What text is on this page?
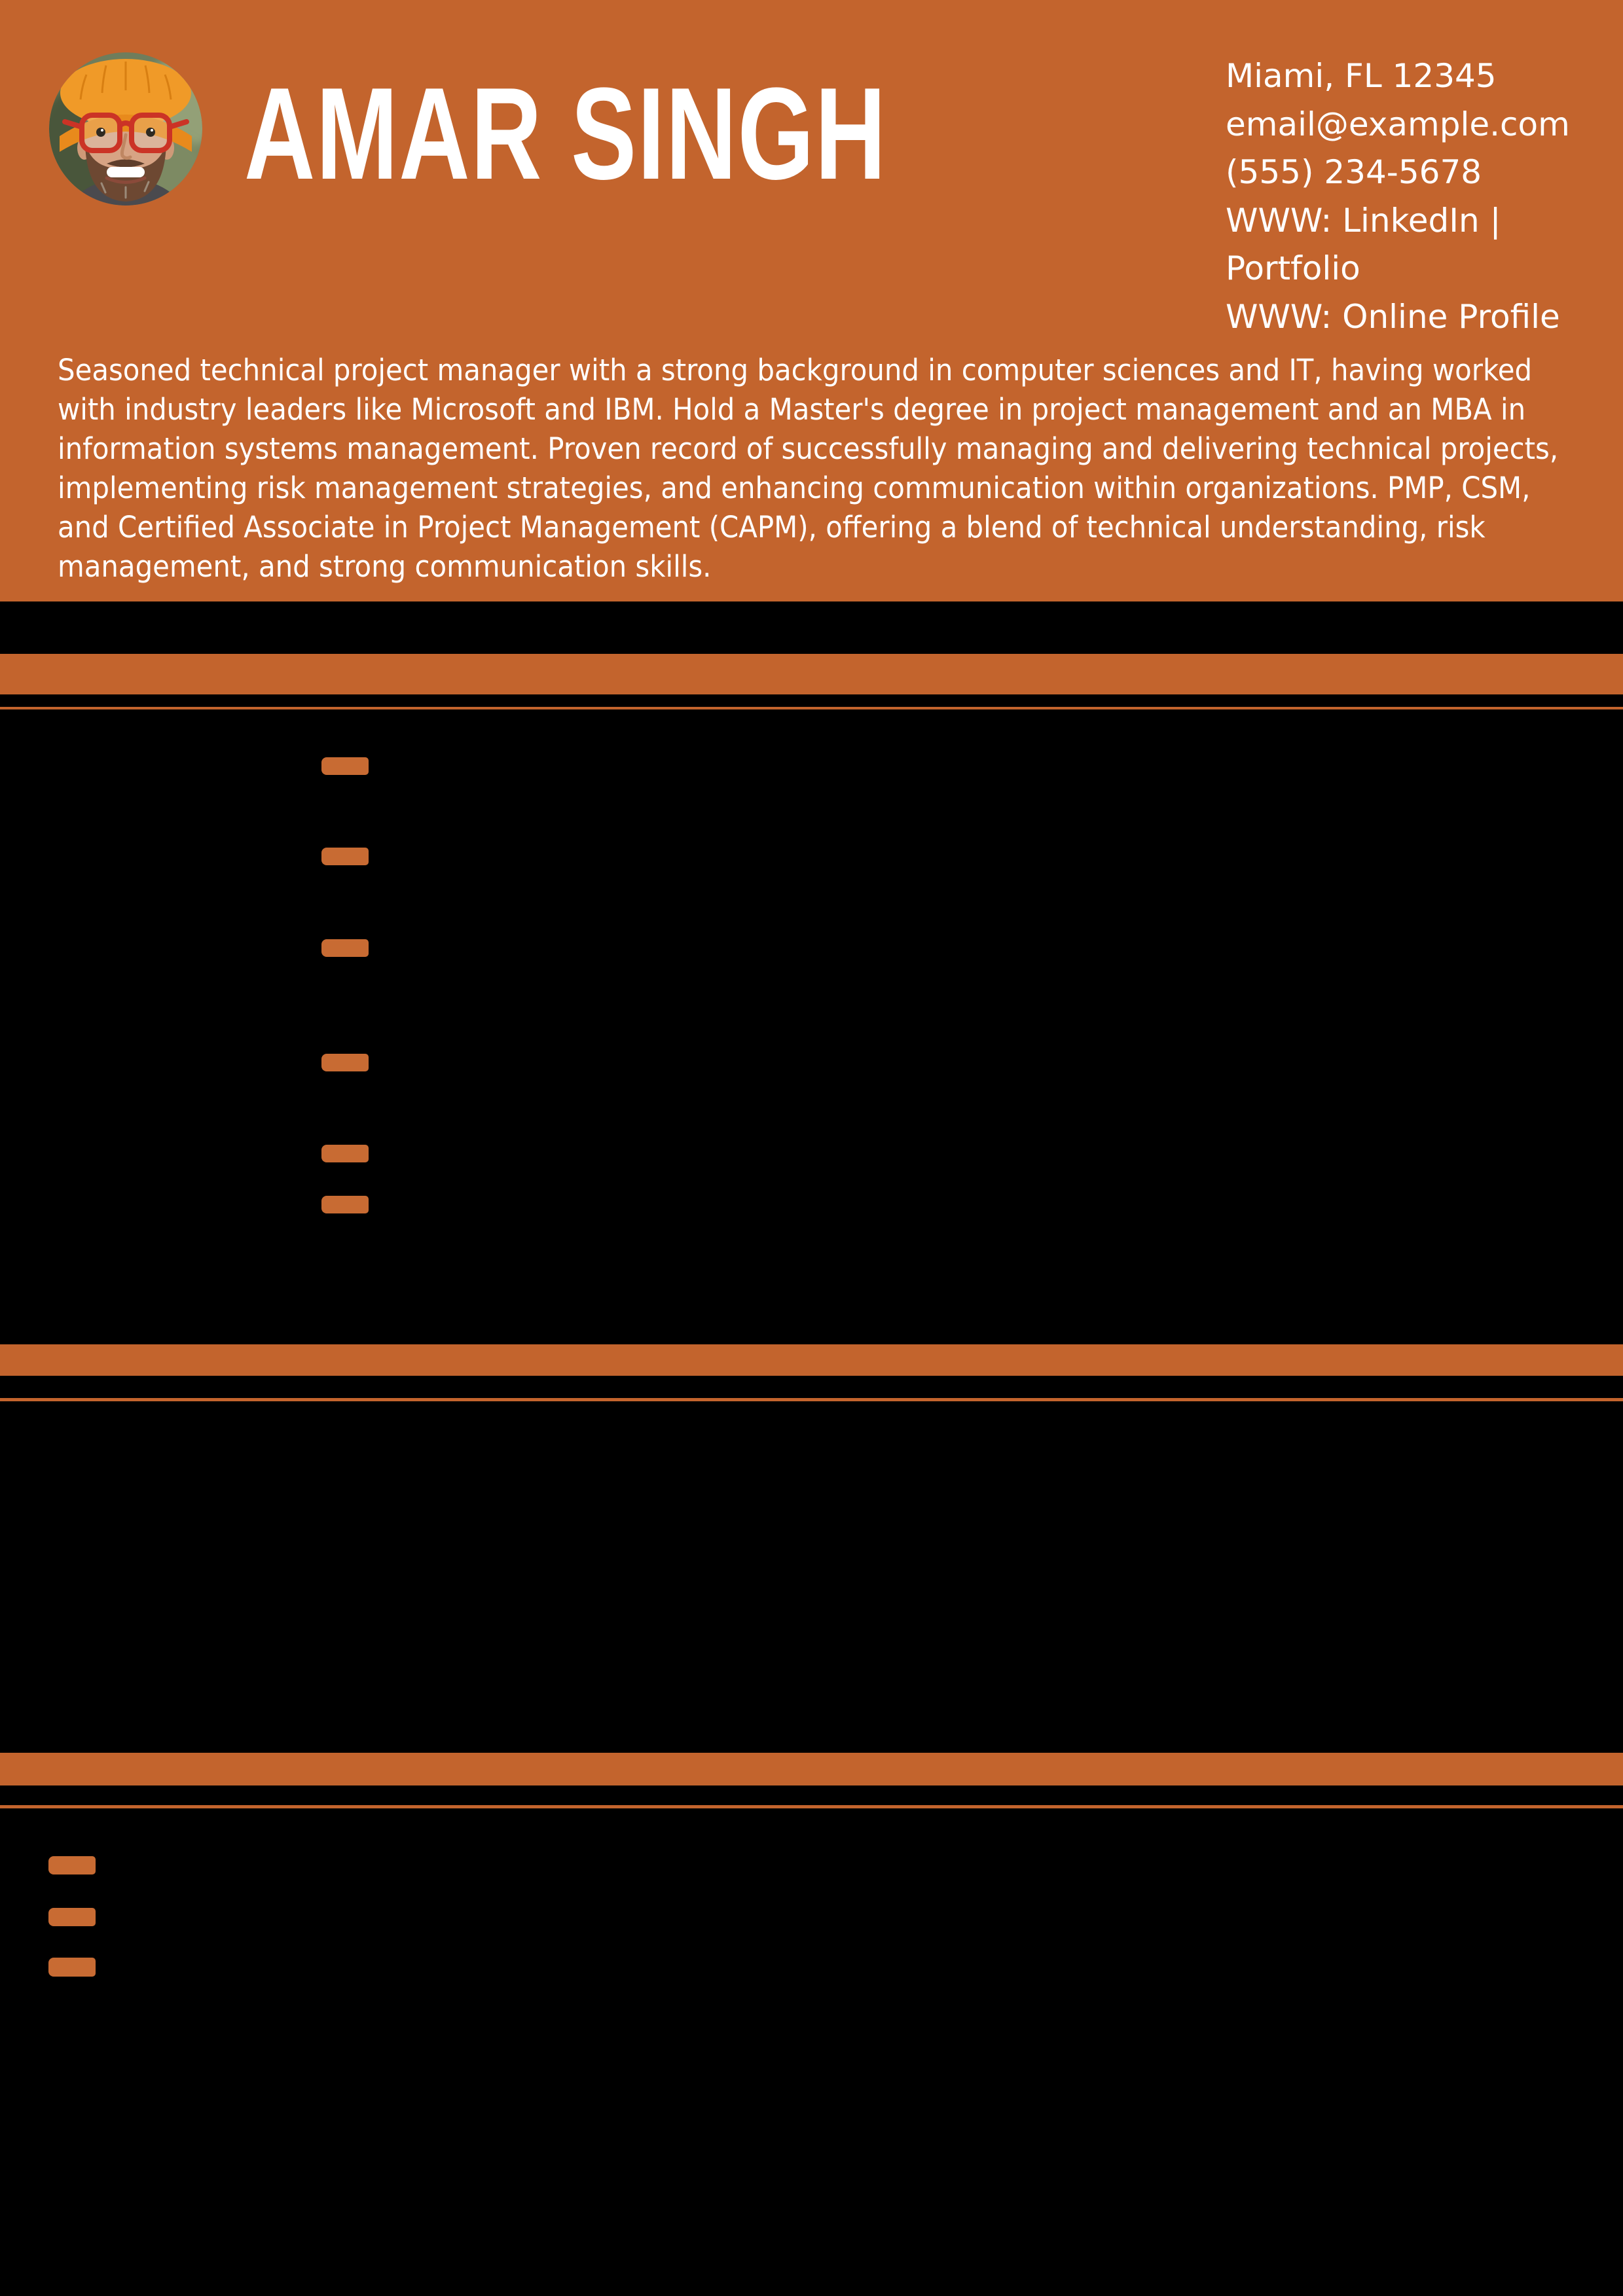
AMAR SINGH	Miami, FL 12345
email@example.com
(555) 234-5678
WWW: LinkedIn | Portfolio
WWW: Online Profile

Seasoned technical project manager with a strong background in computer sciences and IT, having worked with industry leaders like Microsoft and IBM. Hold a Master's degree in project management and an MBA in information systems management. Proven record of successfully managing and delivering technical projects, implementing risk management strategies, and enhancing communication within organizations. PMP, CSM, and Certified Associate in Project Management (CAPM), offering a blend of technical understanding, risk management, and strong communication skills.
